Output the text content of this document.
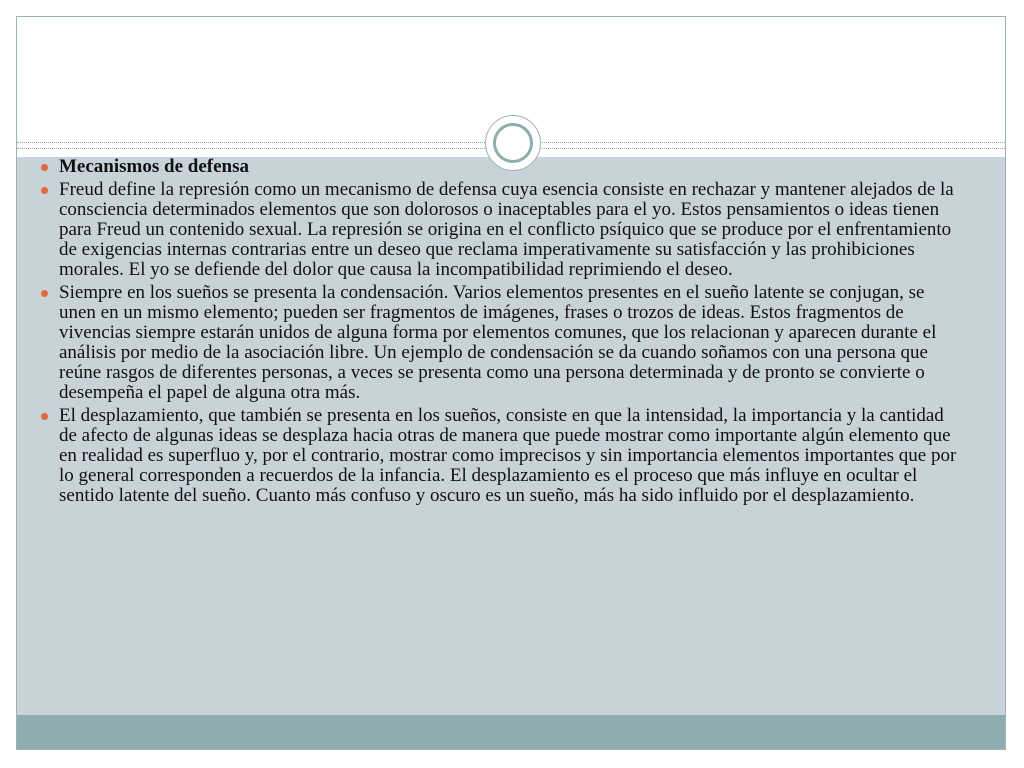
Mecanismos de defensa
Freud define la represión como un mecanismo de defensa cuya esencia consiste en rechazar y mantener alejados de la consciencia determinados elementos que son dolorosos o inaceptables para el yo. Estos pensamientos o ideas tienen para Freud un contenido sexual. La represión se origina en el conflicto psíquico que se produce por el enfrentamiento de exigencias internas contrarias entre un deseo que reclama imperativamente su satisfacción y las prohibiciones morales. El yo se defiende del dolor que causa la incompatibilidad reprimiendo el deseo.
Siempre en los sueños se presenta la condensación. Varios elementos presentes en el sueño latente se conjugan, se unen en un mismo elemento; pueden ser fragmentos de imágenes, frases o trozos de ideas. Estos fragmentos de vivencias siempre estarán unidos de alguna forma por elementos comunes, que los relacionan y aparecen durante el análisis por medio de la asociación libre. Un ejemplo de condensación se da cuando soñamos con una persona que reúne rasgos de diferentes personas, a veces se presenta como una persona determinada y de pronto se convierte o desempeña el papel de alguna otra más.
El desplazamiento, que también se presenta en los sueños, consiste en que la intensidad, la importancia y la cantidad de afecto de algunas ideas se desplaza hacia otras de manera que puede mostrar como importante algún elemento que en realidad es superfluo y, por el contrario, mostrar como imprecisos y sin importancia elementos importantes que por lo general corresponden a recuerdos de la infancia. El desplazamiento es el proceso que más influye en ocultar el sentido latente del sueño. Cuanto más confuso y oscuro es un sueño, más ha sido influido por el desplazamiento.
